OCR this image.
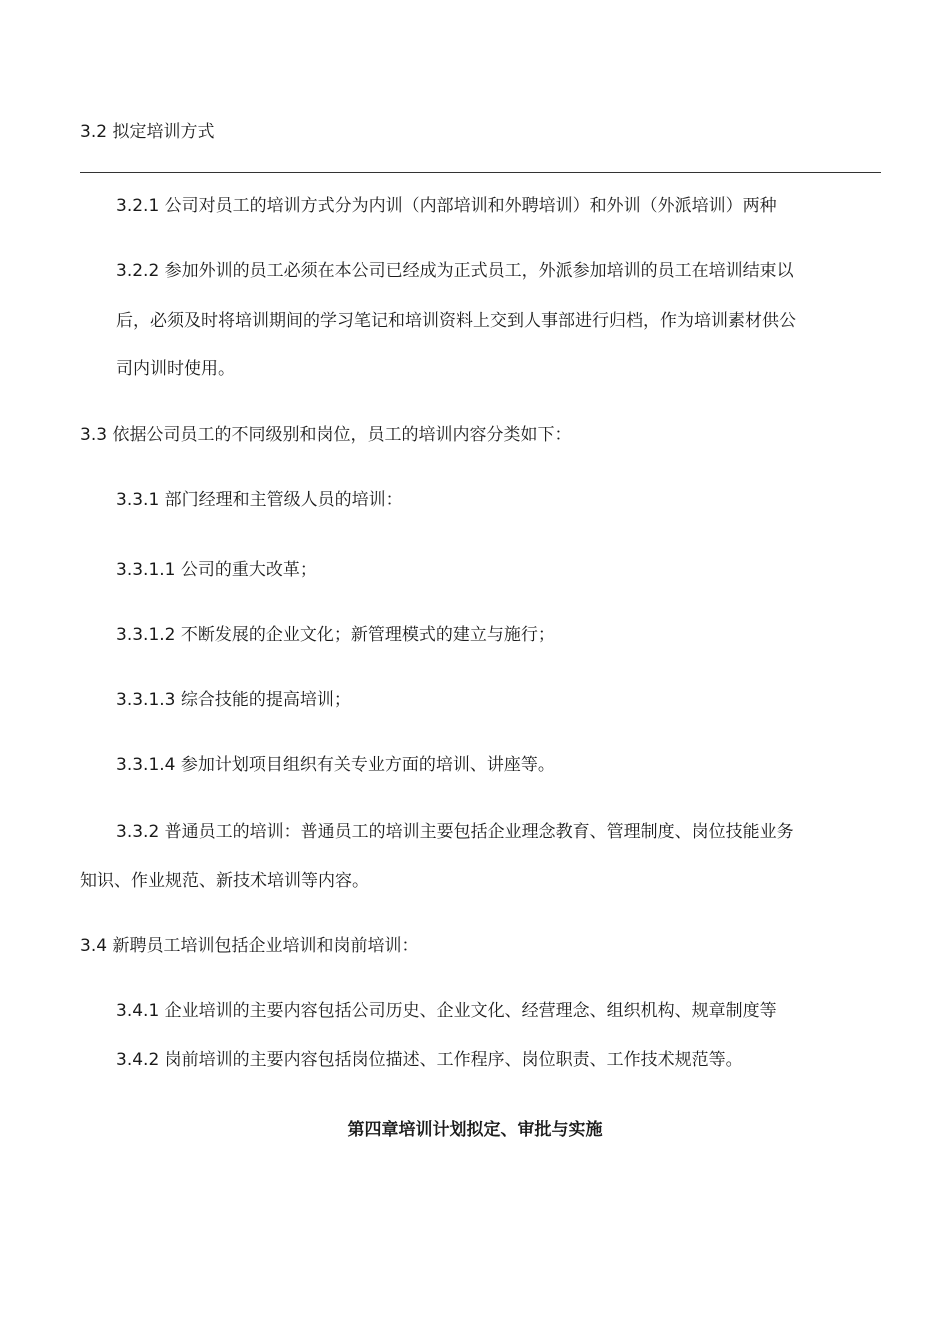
3.2 拟定培训方式
3.2.1 公司对员工的培训方式分为内训（内部培训和外聘培训）和外训（外派培训）两种
3.2.2 参加外训的员工必须在本公司已经成为正式员工，外派参加培训的员工在培训结束以
后，必须及时将培训期间的学习笔记和培训资料上交到人事部进行归档，作为培训素材供公
司内训时使用。
3.3 依据公司员工的不同级别和岗位，员工的培训内容分类如下：
3.3.1 部门经理和主管级人员的培训：
3.3.1.1 公司的重大改革；
3.3.1.2 不断发展的企业文化；新管理模式的建立与施行；
3.3.1.3 综合技能的提高培训；
3.3.1.4 参加计划项目组织有关专业方面的培训、讲座等。
3.3.2 普通员工的培训：普通员工的培训主要包括企业理念教育、管理制度、岗位技能业务
知识、作业规范、新技术培训等内容。
3.4 新聘员工培训包括企业培训和岗前培训：
3.4.1 企业培训的主要内容包括公司历史、企业文化、经营理念、组织机构、规章制度等
3.4.2 岗前培训的主要内容包括岗位描述、工作程序、岗位职责、工作技术规范等。
第四章培训计划拟定、审批与实施
